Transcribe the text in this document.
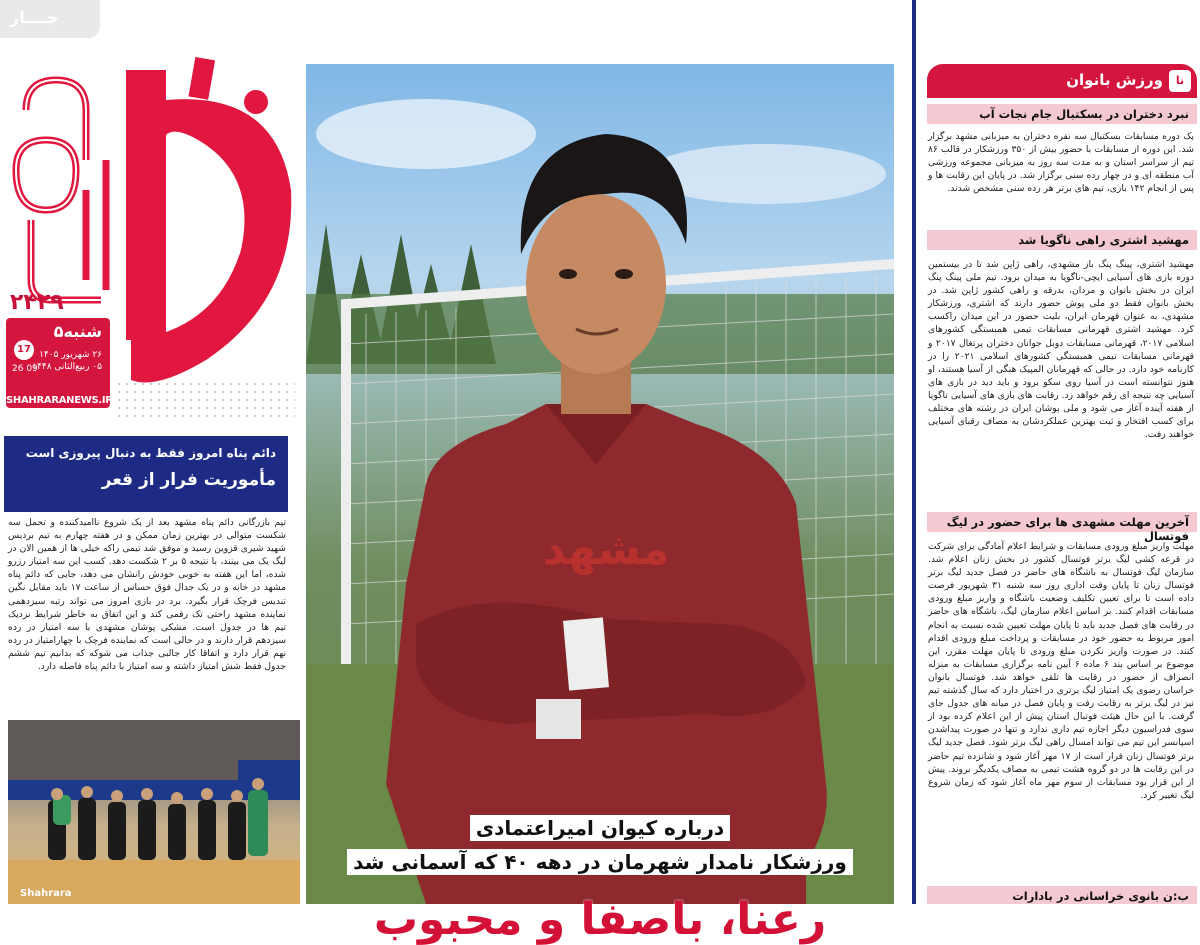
جــــار
۲۴۲۹
۵شنبه
17 ۲۶ شهریور ۱۴۰۵
۰۵ ربیع‌الثانی ۱۴۴۸
26 09
SHAHRARANEWS.IR
دائم پناه امروز فقط به دنبال پیروزی است
مأموریت فرار از قعر
تیم بازرگانی دائم پناه مشهد بعد از یک شروع ناامیدکننده و تحمل سه شکست متوالی در بهترین زمان ممکن و در هفته چهارم به تیم بردیس شهید شیری قزوین رسید و موفق شد تیمی راکه خیلی ها از همین الان در لیگ یک می بینند، با نتیجه ۵ بر ۲ شکست دهد. کسب این سه امتیاز رزرو شده، اما این هفته به خوبی خودش رانشان می دهد، جایی که دائم پناه مشهد در خانه و در یک جدال فوق حساس از ساعت ۱۷ باید مقابل نگین تندیس فرچک قرار بگیرد. برد در بازی امروز می تواند رتبه سیزدهمی نماینده مشهد راحتی تک رقمی کند و این اتفاق به خاطر شرایط نزدیک تیم ها در جدول است. مشکی پوشان مشهدی با سه امتیاز در رده سیزدهم قرار دارند و در حالی است که نماینده فرچک با چهارامتیاز در رده نهم قرار دارد و اتفاقا کار جالبی جذاب می شوکه که بدانیم تیم ششم جدول فقط شش امتیاز داشته و سه امتیاز با دائم پناه فاصله دارد.
Shahrara
مشهد
درباره کیوان امیراعتمادی
ورزشکار نامدار شهرمان در دهه ۴۰ که آسمانی شد
رعنا، باصفا و محبوب
نا
ورزش بانوان
نبرد دختران در بسکتبال جام نجات آب
یک دوره مسابقات بسکتبال سه نفره دختران به میزبانی مشهد برگزار شد. این دوره از مسابقات با حضور بیش از ۳۵۰ ورزشکار در قالب ۸۶ تیم از سراسر استان و به مدت سه روز به میزبانی مجموعه ورزشی آب منطقه ای و در چهار رده سنی برگزار شد. در پایان این رقابت ها و پس از انجام ۱۴۲ بازی، تیم های برتر هر رده سنی مشخص شدند.
مهشید اشتری راهی ناگویا شد
مهشید اشتری، پینگ پنگ باز مشهدی، راهی ژاپن شد تا در بیستمین دوره بازی های آسیایی ایچی-ناگویا به میدان برود. تیم ملی پینگ پنگ ایران در بخش بانوان و مردان، بدرقه و راهی کشور ژاپن شد. در بخش بانوان فقط دو ملی پوش حضور دارند که اشتری، ورزشکار مشهدی، به عنوان قهرمان ایران، بلیت حضور در این میدان راکسب کرد. مهشید اشتری قهرمانی مسابقات تیمی همبستگی کشورهای اسلامی ۲۰۱۷، قهرمانی مسابقات دوبل جوانان دختران پرتغال ۲۰۱۷ و قهرمانی مسابقات تیمی همبستگی کشورهای اسلامی ۲۰۲۱ را در کارنامه خود دارد. در حالی که قهرمانان المپیک هنگی از آسیا هستند، او هنوز نتوانسته است در آسیا روی سکو برود و باید دید در بازی های آسیایی چه نتیجه ای رقم خواهد زد. رقابت های بازی های آسیایی ناگویا از هفته آینده آغاز می شود و ملی پوشان ایران در رشته های مختلف برای کسب افتخار و ثبت بهترین عملکردشان به مصاف رقبای آسیایی خواهند رفت.
آخرین مهلت مشهدی ها برای حضور در لیگ فوتسال
مهلت واریز مبلغ ورودی مسابقات و شرایط اعلام آمادگی برای شرکت در قرعه کشی لیگ برتر فوتسال کشور در بخش زنان اعلام شد. سازمان لیگ فوتسال به باشگاه های حاضر در فصل جدید لیگ برتر فوتسال زنان تا پایان وقت اداری روز سه شنبه ۳۱ شهریور فرصت داده است تا برای تعیین تکلیف وضعیت باشگاه و واریز مبلغ ورودی مسابقات اقدام کنند. بر اساس اعلام سازمان لیگ، باشگاه های حاضر در رقابت های فصل جدید باید تا پایان مهلت تعیین شده نسبت به انجام امور مربوط به حضور خود در مسابقات و پرداخت مبلغ ورودی اقدام کنند. در صورت واریز نکردن مبلغ ورودی تا پایان مهلت مقرر، این موضوع بر اساس بند ۶ ماده ۶ آیین نامه برگزاری مسابقات به منزله انصراف از حضور در رقابت ها تلقی خواهد شد. فوتسال بانوان خراسان رضوی یک امتیاز لیگ برتری در اختیار دارد که سال گذشته تیم نیز در لیگ برتر به رقابت رفت و پایان فصل در میانه های جدول جای گرفت. با این حال هیئت فوتبال استان پیش از این اعلام کرده بود از سوی فدراسیون دیگر اجازه تیم داری ندارد و تنها در صورت پیداشدن اسپانسر این تیم می تواند امسال راهی لیگ برتر شود. فصل جدید لیگ برتر فوتسال زنان قرار است از ۱۷ مهر آغاز شود و شانزده تیم حاضر در این رقابت ها در دو گروه هشت تیمی به مصاف یکدیگر بروند. پیش از این قرار بود مسابقات از سوم مهر ماه آغاز شود که زمان شروع لیگ تغییر کرد.
ب:ن بانوی خراسانی در بادارات
